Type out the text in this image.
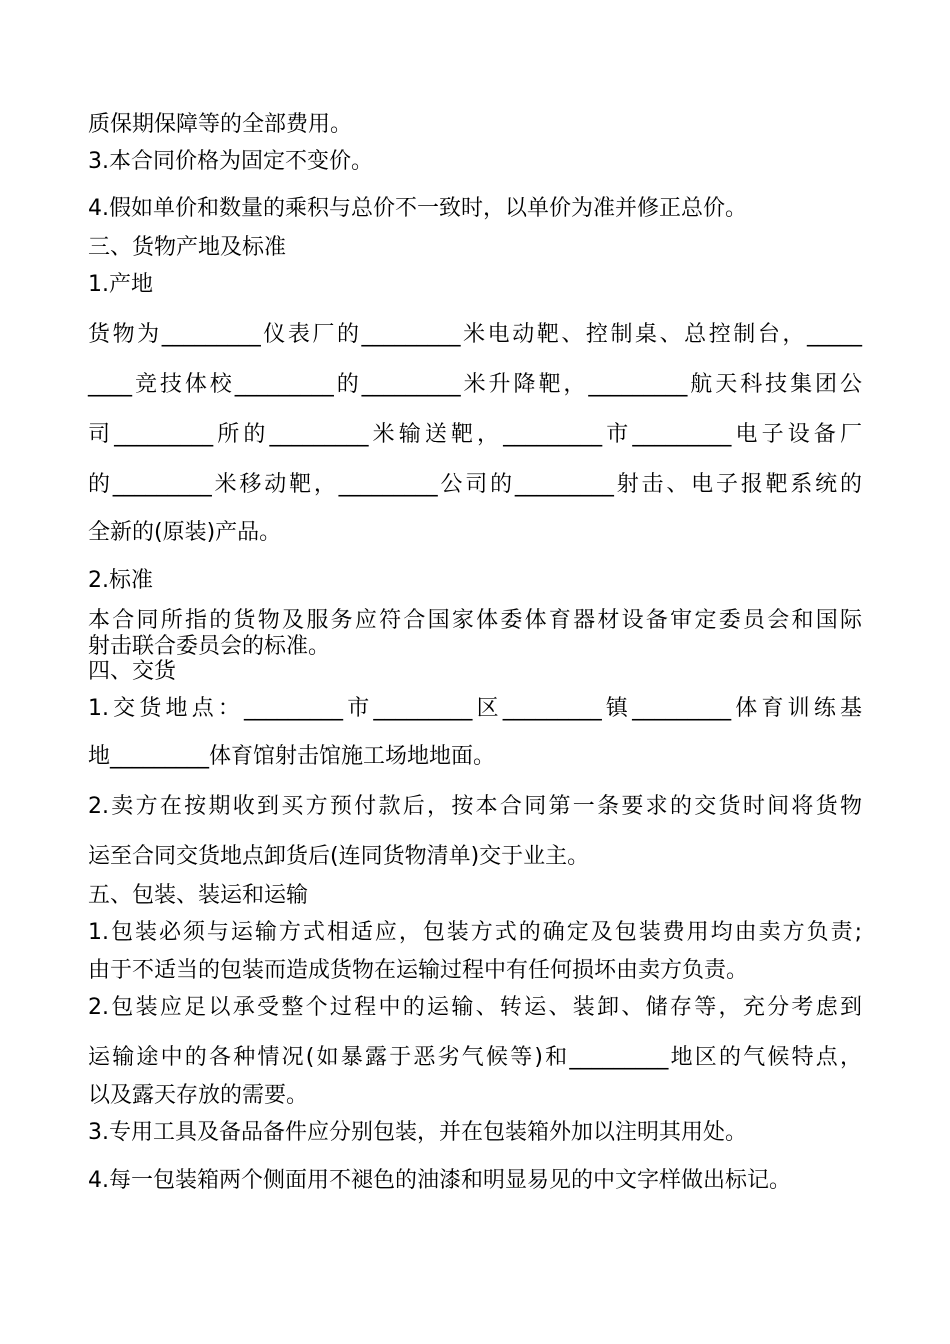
质保期保障等的全部费用。
3.本合同价格为固定不变价。
4.假如单价和数量的乘积与总价不一致时，以单价为准并修正总价。
三、货物产地及标准
1.产地
货物为_________仪表厂的_________米电动靶、控制桌、总控制台，_____
____竞技体校_________的_________米升降靶，_________航天科技集团公
司_________所的_________米输送靶，_________市_________电子设备厂
的_________米移动靶，_________公司的_________射击、电子报靶系统的
全新的(原装)产品。
2.标准
本合同所指的货物及服务应符合国家体委体育器材设备审定委员会和国际
射击联合委员会的标准。
四、交货
1.交货地点：_________市_________区_________镇_________体育训练基
地_________体育馆射击馆施工场地地面。
2.卖方在按期收到买方预付款后，按本合同第一条要求的交货时间将货物
运至合同交货地点卸货后(连同货物清单)交于业主。
五、包装、装运和运输
1.包装必须与运输方式相适应，包装方式的确定及包装费用均由卖方负责;
由于不适当的包装而造成货物在运输过程中有任何损坏由卖方负责。
2.包装应足以承受整个过程中的运输、转运、装卸、储存等，充分考虑到
运输途中的各种情况(如暴露于恶劣气候等)和_________地区的气候特点，
以及露天存放的需要。
3.专用工具及备品备件应分别包装，并在包装箱外加以注明其用处。
4.每一包装箱两个侧面用不褪色的油漆和明显易见的中文字样做出标记。
